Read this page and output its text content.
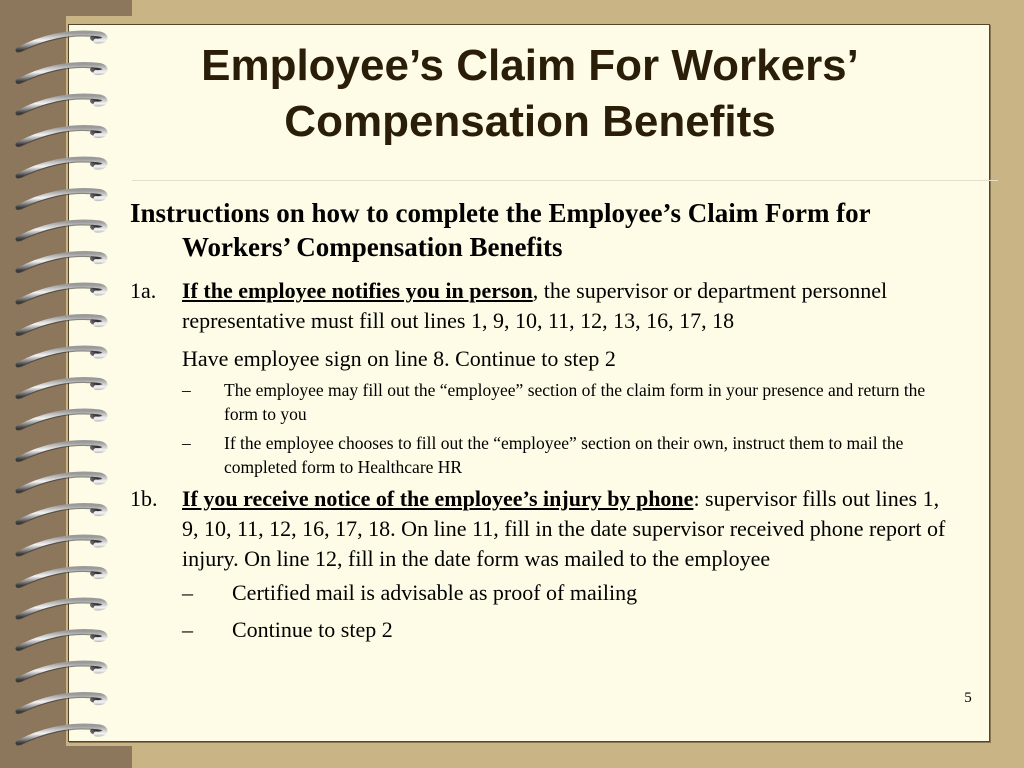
Employee’s Claim For Workers’
Compensation Benefits

Instructions on how to complete the Employee’s Claim Form for Workers’ Compensation Benefits

1a. If the employee notifies you in person, the supervisor or department personnel representative must fill out lines 1, 9, 10, 11, 12, 13, 16, 17, 18
Have employee sign on line 8. Continue to step 2
– The employee may fill out the “employee” section of the claim form in your presence and return the form to you
– If the employee chooses to fill out the “employee” section on their own, instruct them to mail the completed form to Healthcare HR
1b. If you receive notice of the employee’s injury by phone: supervisor fills out lines 1, 9, 10, 11, 12, 16, 17, 18. On line 11, fill in the date supervisor received phone report of injury. On line 12, fill in the date form was mailed to the employee
– Certified mail is advisable as proof of mailing
– Continue to step 2
5
